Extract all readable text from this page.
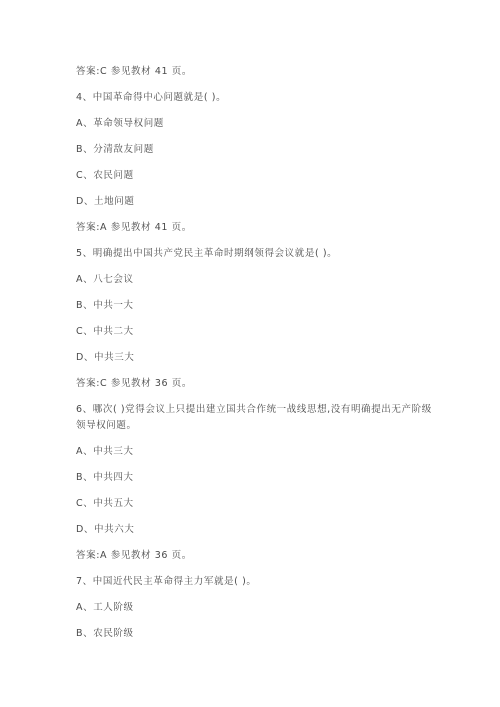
答案:C 参见教材 41 页。
4、中国革命得中心问题就是( )。
A、革命领导权问题
B、分清敌友问题
C、农民问题
D、土地问题
答案:A 参见教材 41 页。
5、明确提出中国共产党民主革命时期纲领得会议就是( )。
A、八七会议
B、中共一大
C、中共二大
D、中共三大
答案:C 参见教材 36 页。
6、哪次( )党得会议上只提出建立国共合作统一战线思想,没有明确提出无产阶级
领导权问题。
A、中共三大
B、中共四大
C、中共五大
D、中共六大
答案:A 参见教材 36 页。
7、中国近代民主革命得主力军就是( )。
A、工人阶级
B、农民阶级
